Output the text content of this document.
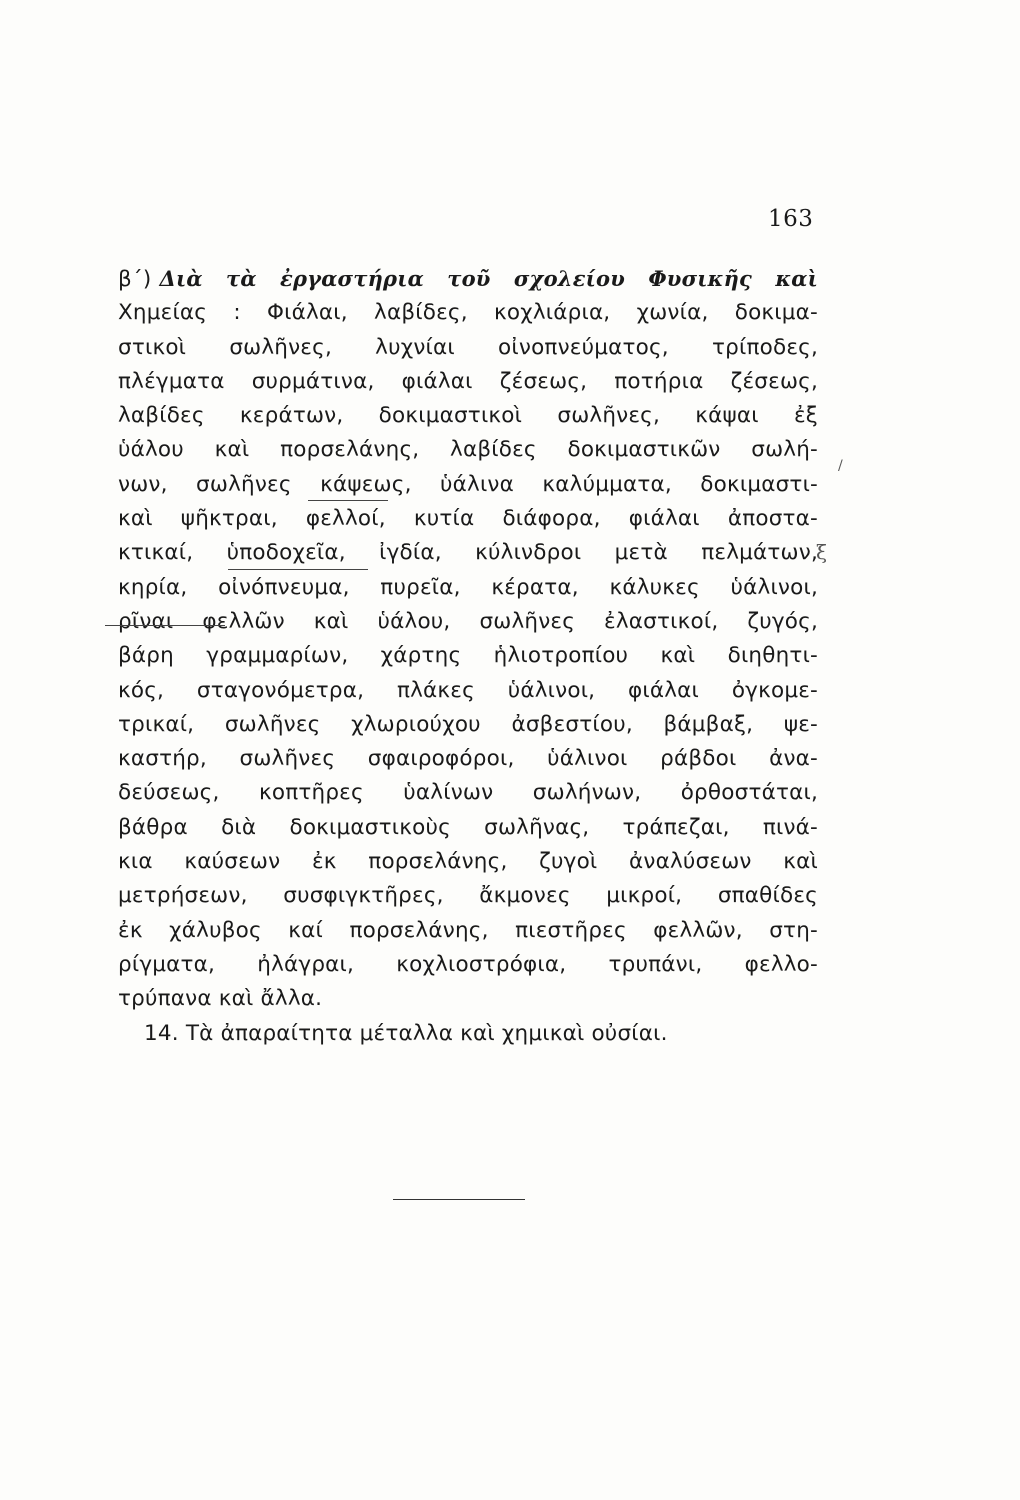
163
β΄) Διὰ τὰ ἐργαστήρια τοῦ σχολείου Φυσικῆς καὶ
Χημείας : Φιάλαι, λαβίδες, κοχλιάρια, χωνία, δοκιμα-
στικοὶ σωλῆνες, λυχνίαι οἰνοπνεύματος, τρίποδες,
πλέγματα συρμάτινα, φιάλαι ζέσεως, ποτήρια ζέσεως,
λαβίδες κεράτων, δοκιμαστικοὶ σωλῆνες, κάψαι ἐξ
ὑάλου καὶ πορσελάνης, λαβίδες δοκιμαστικῶν σωλή-
νων, σωλῆνες κάψεως, ὑάλινα καλύμματα, δοκιμαστι-
καὶ ψῆκτραι, φελλοί, κυτία διάφορα, φιάλαι ἀποστα-
κτικαί, ὑποδοχεῖα, ἰγδία, κύλινδροι μετὰ πελμάτων,
κηρία, οἰνόπνευμα, πυρεῖα, κέρατα, κάλυκες ὑάλινοι,
ρῖναι φελλῶν καὶ ὑάλου, σωλῆνες ἐλαστικοί, ζυγός,
βάρη γραμμαρίων, χάρτης ἡλιοτροπίου καὶ διηθητι-
κός, σταγονόμετρα, πλάκες ὑάλινοι, φιάλαι ὀγκομε-
τρικαί, σωλῆνες χλωριούχου ἀσβεστίου, βάμβαξ, ψε-
καστήρ, σωλῆνες σφαιροφόροι, ὑάλινοι ράβδοι ἀνα-
δεύσεως, κοπτῆρες ὑαλίνων σωλήνων, ὀρθοστάται,
βάθρα διὰ δοκιμαστικοὺς σωλῆνας, τράπεζαι, πινά-
κια καύσεων ἐκ πορσελάνης, ζυγοὶ ἀναλύσεων καὶ
μετρήσεων, συσφιγκτῆρες, ἄκμονες μικροί, σπαθίδες
ἐκ χάλυβος καί πορσελάνης, πιεστῆρες φελλῶν, στη-
ρίγματα, ἠλάγραι, κοχλιοστρόφια, τρυπάνι, φελλο-
τρύπανα καὶ ἄλλα.
14. Τὰ ἀπαραίτητα μέταλλα καὶ χημικαὶ οὐσίαι.
ξ
/
